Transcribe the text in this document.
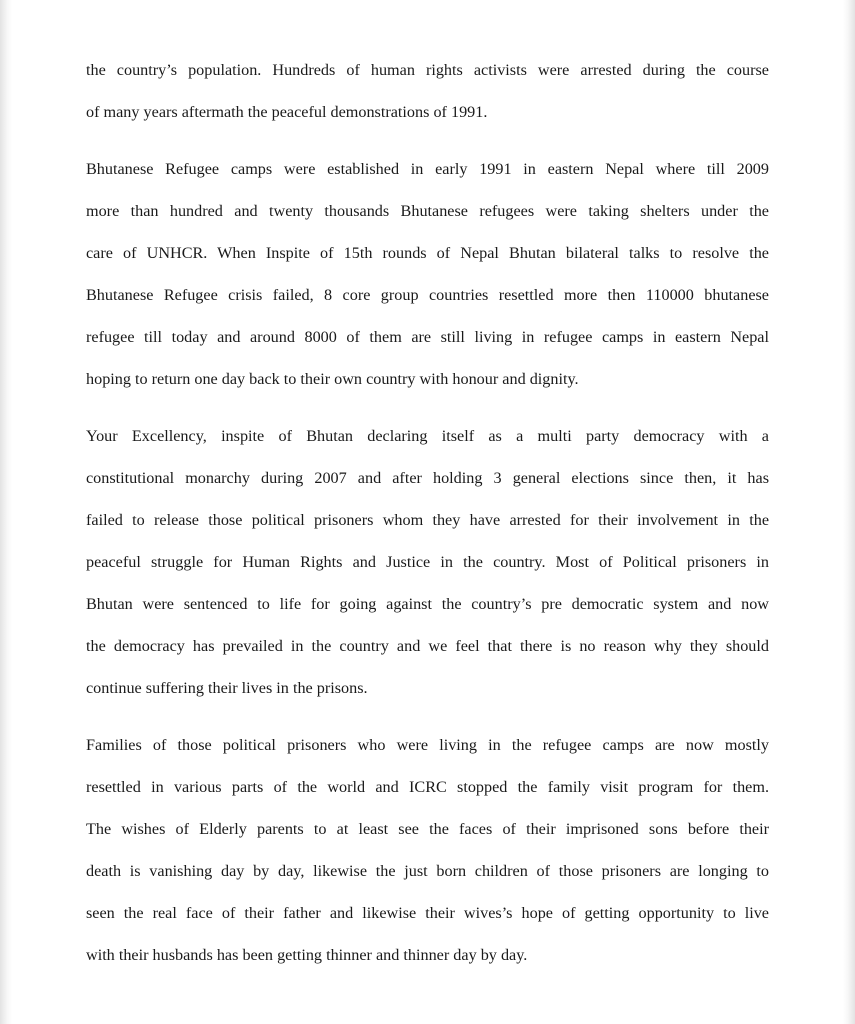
the country’s population. Hundreds of human rights activists were arrested during the course
of many years aftermath the peaceful demonstrations of 1991.

Bhutanese Refugee camps were established in early 1991 in eastern Nepal where till 2009
more than hundred and twenty thousands Bhutanese refugees were taking shelters under the
care of UNHCR. When Inspite of 15th rounds of Nepal Bhutan bilateral talks to resolve the
Bhutanese Refugee crisis failed, 8 core group countries resettled more then 110000 bhutanese
refugee till today and around 8000 of them are still living in refugee camps in eastern Nepal
hoping to return one day back to their own country with honour and dignity.

Your Excellency, inspite of Bhutan declaring itself as a multi party democracy with a
constitutional monarchy during 2007 and after holding 3 general elections since then, it has
failed to release those political prisoners whom they have arrested for their involvement in the
peaceful struggle for Human Rights and Justice in the country. Most of Political prisoners in
Bhutan were sentenced to life for going against the country’s pre democratic system and now
the democracy has prevailed in the country and we feel that there is no reason why they should
continue suffering their lives in the prisons.

Families of those political prisoners who were living in the refugee camps are now mostly
resettled in various parts of the world and ICRC stopped the family visit program for them.
The wishes of Elderly parents to at least see the faces of their imprisoned sons before their
death is vanishing day by day, likewise the just born children of those prisoners are longing to
seen the real face of their father and likewise their wives’s hope of getting opportunity to live
with their husbands has been getting thinner and thinner day by day.
